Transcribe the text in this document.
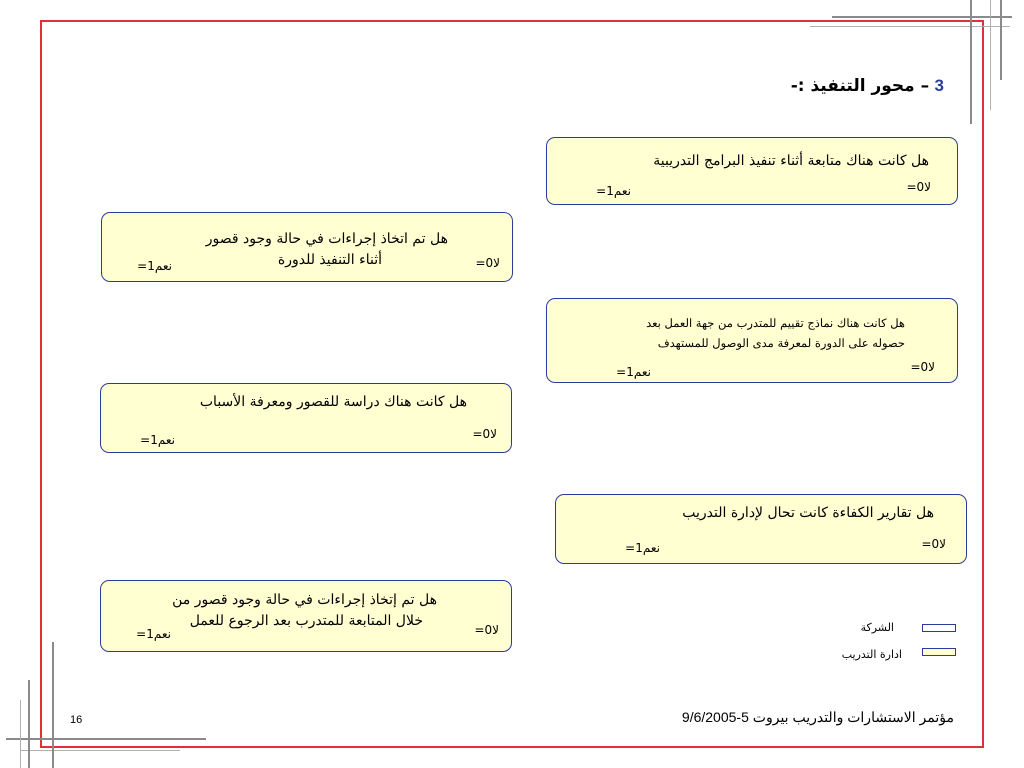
3 – محور التنفيذ :-
هل كانت هناك متابعة أثناء تنفيذ البرامج التدريبية
لا0=
نعم1=
هل تم اتخاذ إجراءات في حالة وجود قصور
أثناء التنفيذ للدورة	لا0=
نعم1=
هل كانت هناك نماذج تقييم للمتدرب من جهة العمل بعد
حصوله على الدورة لمعرفة مدى الوصول للمستهدف
لا0=
نعم1=
هل كانت هناك دراسة للقصور ومعرفة الأسباب
لا0=
نعم1=
هل تقارير الكفاءة كانت تحال لإدارة التدريب
لا0=
نعم1=
هل تم إتخاذ إجراءات في حالة وجود قصور من
خلال المتابعة للمتدرب بعد الرجوع للعمل
لا0=
نعم1=	الشركة
ادارة التدريب
مؤتمر الاستشارات والتدريب بيروت 5-9/6/2005
16
